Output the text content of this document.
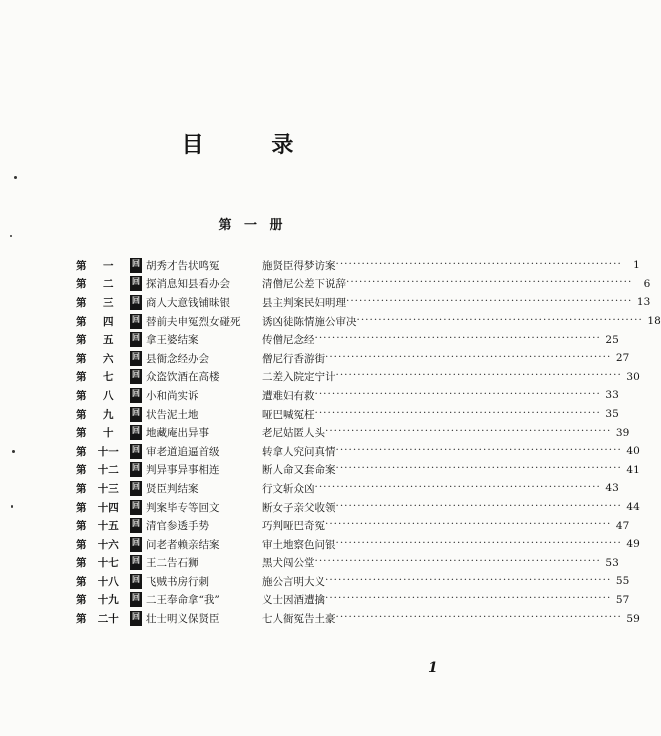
目 录
第 一 册
第 一 回 胡秀才告状鸣冤	施贤臣得梦访案 ··································································	1
第 二 回 探消息知县看办会	清僧尼公差下说辞 ··································································	6
第 三 回 商人大意钱铺昧银	县主判案民妇明理 ·································································· 13
第 四 回 替前夫申冤烈女碰死	诱凶徒陈情施公审决 ·································································· 18
第 五 回 拿王婆结案	传僧尼念经 ·································································· 25
第 六 回 县衙念经办会	僧尼行香游街 ·································································· 27
第 七 回 众盗饮酒在高楼	二差入院定宁计 ·································································· 30
第 八 回 小和尚实诉	遭难妇有救 ·································································· 33
第 九 回 状告泥土地	哑巴喊冤枉 ·································································· 35
第 十 回 地藏庵出异事	老尼姑匿人头 ·································································· 39
第 十一 回 审老道追逼首级	转拿人究问真情 ·································································· 40
第 十二 回 判异事异事相连	断人命又套命案 ·································································· 41
第 十三 回 贤臣判结案	行文斩众凶 ·································································· 43
第 十四 回 判案毕专等回文	断女子亲父收领 ·································································· 44
第 十五 回 清官参透手势	巧判哑巴奇冤 ·································································· 47
第 十六 回 问老者赖亲结案	审土地察色问银 ·································································· 49
第 十七 回 王二告石狮	黑犬闯公堂 ·································································· 53
第 十八 回 飞贼书房行刺	施公言明大义 ·································································· 55
第 十九 回 二王奉命拿“我”	义士因酒遭擒 ·································································· 57
第 二十 回 壮士明义保贤臣	七人衙冤告土豪 ·································································· 59
1
